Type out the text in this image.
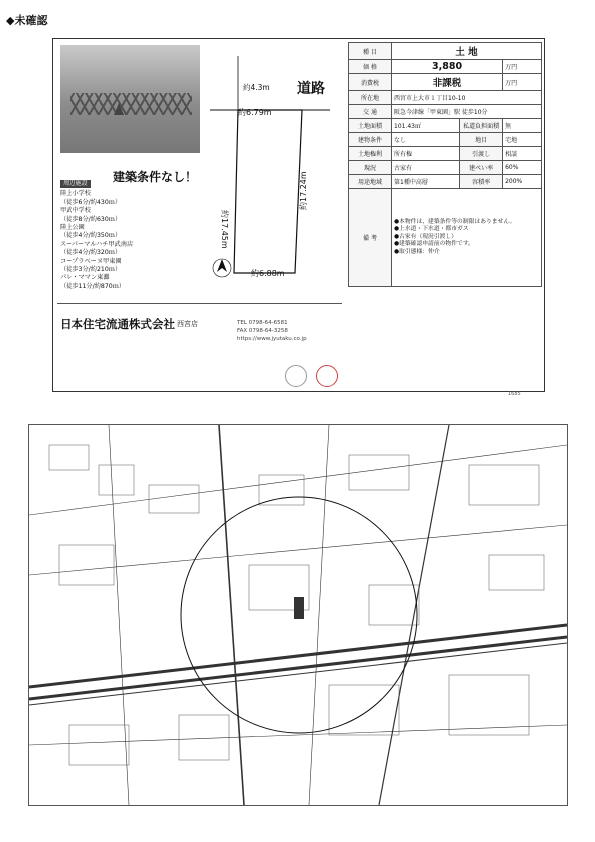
◆未確認
約4.3m 道路
約6.79m
約17.45m
約17.24m
約6.88m
建築条件なし！
周辺施設
陸上小学校
（徒歩6分/約430ｍ）
甲武中学校
（徒歩8分/約630ｍ）
陸上公園
（徒歩4分/約350ｍ）
スーパーマルハチ甲武南店
（徒歩4分/約320ｍ）
コープラベーヌ甲東園
（徒歩3分/約210ｍ）
パレ・ママン東灘
（徒歩11分/約870ｍ）
日本住宅流通株式会社 西宮店	TEL 0798-64-6581
FAX 0798-64-3258
https://www.jyutaku.co.jp
種 目	土 地		
価 格	3,880		万円
消費税	非課税		万円
所在地	西宮市上大市１丁目10-10		
交 通	阪急今津線「甲東園」駅 徒歩10分		
土地面積	101.43㎡	私道負担面積	無
建物条件	なし	地目	宅地
土地権利	所有権	引渡し	相談
現況	古家有	建ぺい率	60%
用途地域	第1種中高層	容積率	200%
備 考	●本物件は、建築条件等の制限はありません。
●上水道・下水道・都市ガス
●古家有（現況引渡し）
●建築確認申請前の物件です。
●取引態様：仲介		
1685
